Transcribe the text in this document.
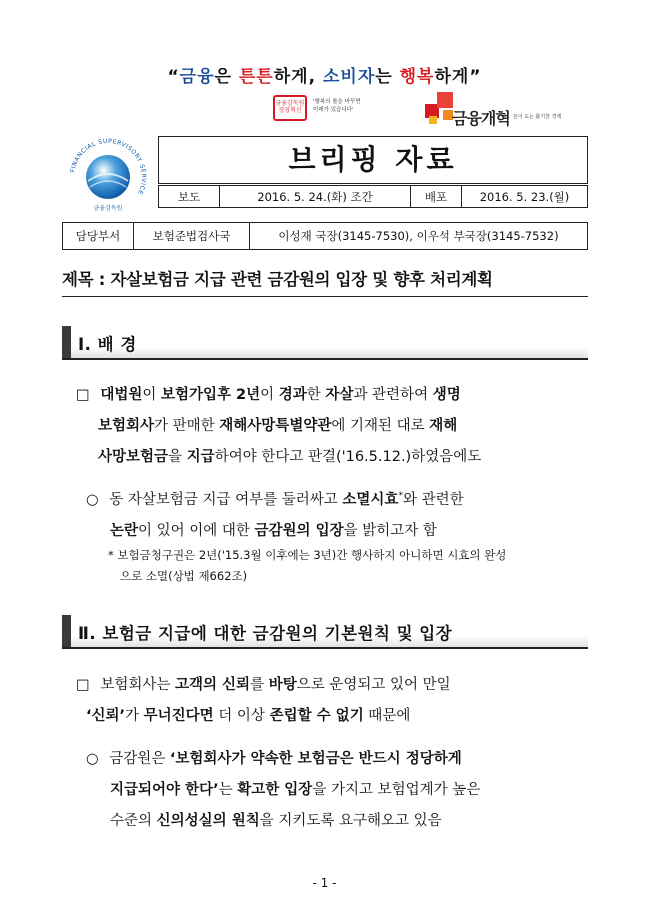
“금융은 튼튼하게, 소비자는 행복하게”
금융감독원 경영혁신
'행복의 틀을 바꾸면
미래가 있습니다'	금융개혁 돈이 도는 활기찬 경제
FINANCIAL SUPERVISORY SERVICE
금융감독원
브리핑 자료
보도	2016. 5. 24.(화) 조간	배포	2016. 5. 23.(월)
담당부서	보험준법검사국	이성재 국장(3145-7530), 이우석 부국장(3145-7532)
제목 : 자살보험금 지급 관련 금감원의 입장 및 향후 처리계획
Ⅰ. 배 경
□ 대법원이 보험가입후 2년이 경과한 자살과 관련하여 생명
보험회사가 판매한 재해사망특별약관에 기재된 대로 재해
사망보험금을 지급하여야 한다고 판결('16.5.12.)하였음에도
○ 동 자살보험금 지급 여부를 둘러싸고 소멸시효*와 관련한
논란이 있어 이에 대한 금감원의 입장을 밝히고자 함
* 보험금청구권은 2년('15.3월 이후에는 3년)간 행사하지 아니하면 시효의 완성
으로 소멸(상법 제662조)
Ⅱ. 보험금 지급에 대한 금감원의 기본원칙 및 입장
□ 보험회사는 고객의 신뢰를 바탕으로 운영되고 있어 만일
‘신뢰’가 무너진다면 더 이상 존립할 수 없기 때문에
○ 금감원은 ‘보험회사가 약속한 보험금은 반드시 정당하게
지급되어야 한다’는 확고한 입장을 가지고 보험업계가 높은
수준의 신의성실의 원칙을 지키도록 요구해오고 있음
- 1 -
